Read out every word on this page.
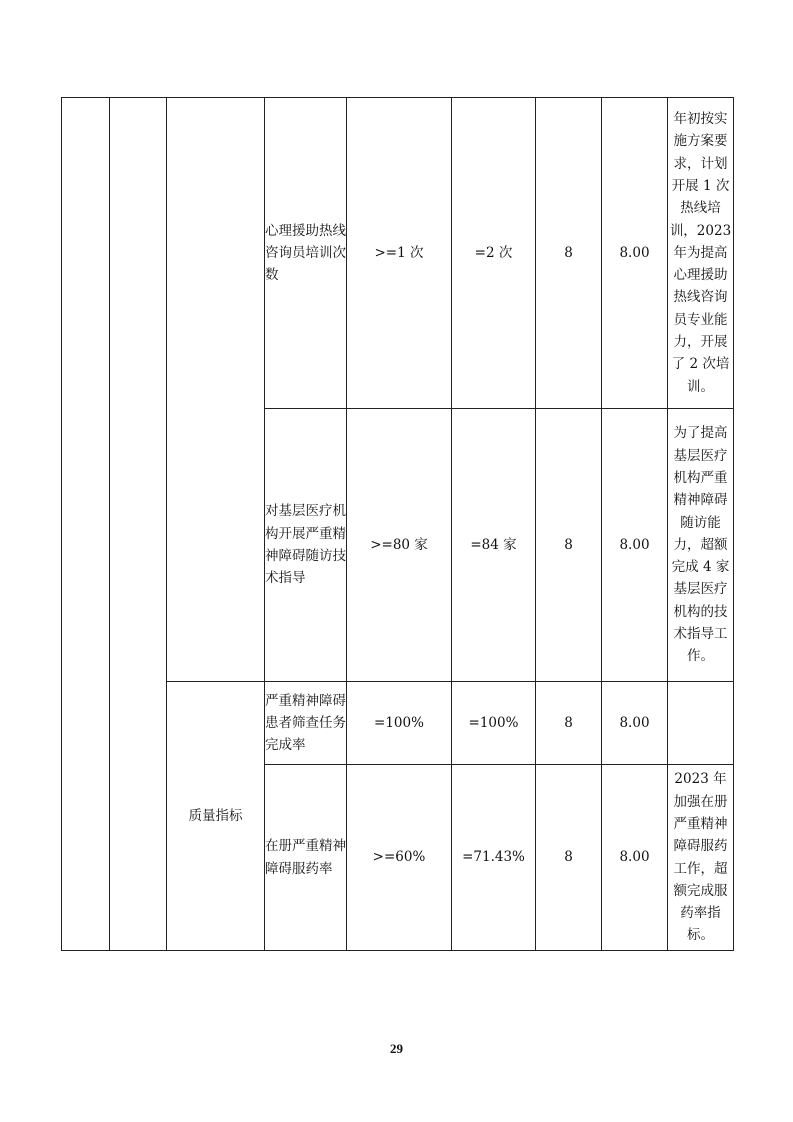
			心理援助热线咨询员培训次数	>=1 次	=2 次	8	8.00	年初按实施方案要求，计划开展 1 次热线培训，2023 年为提高心理援助热线咨询员专业能力，开展了 2 次培训。
			对基层医疗机构开展严重精神障碍随访技术指导	>=80 家	=84 家	8	8.00	为了提高基层医疗机构严重精神障碍随访能力，超额完成 4 家基层医疗机构的技术指导工作。
		质量指标	严重精神障碍患者筛查任务完成率	=100%	=100%	8	8.00	
			在册严重精神障碍服药率	>=60%	=71.43%	8	8.00	2023 年加强在册严重精神障碍服药工作，超额完成服药率指标。
29
